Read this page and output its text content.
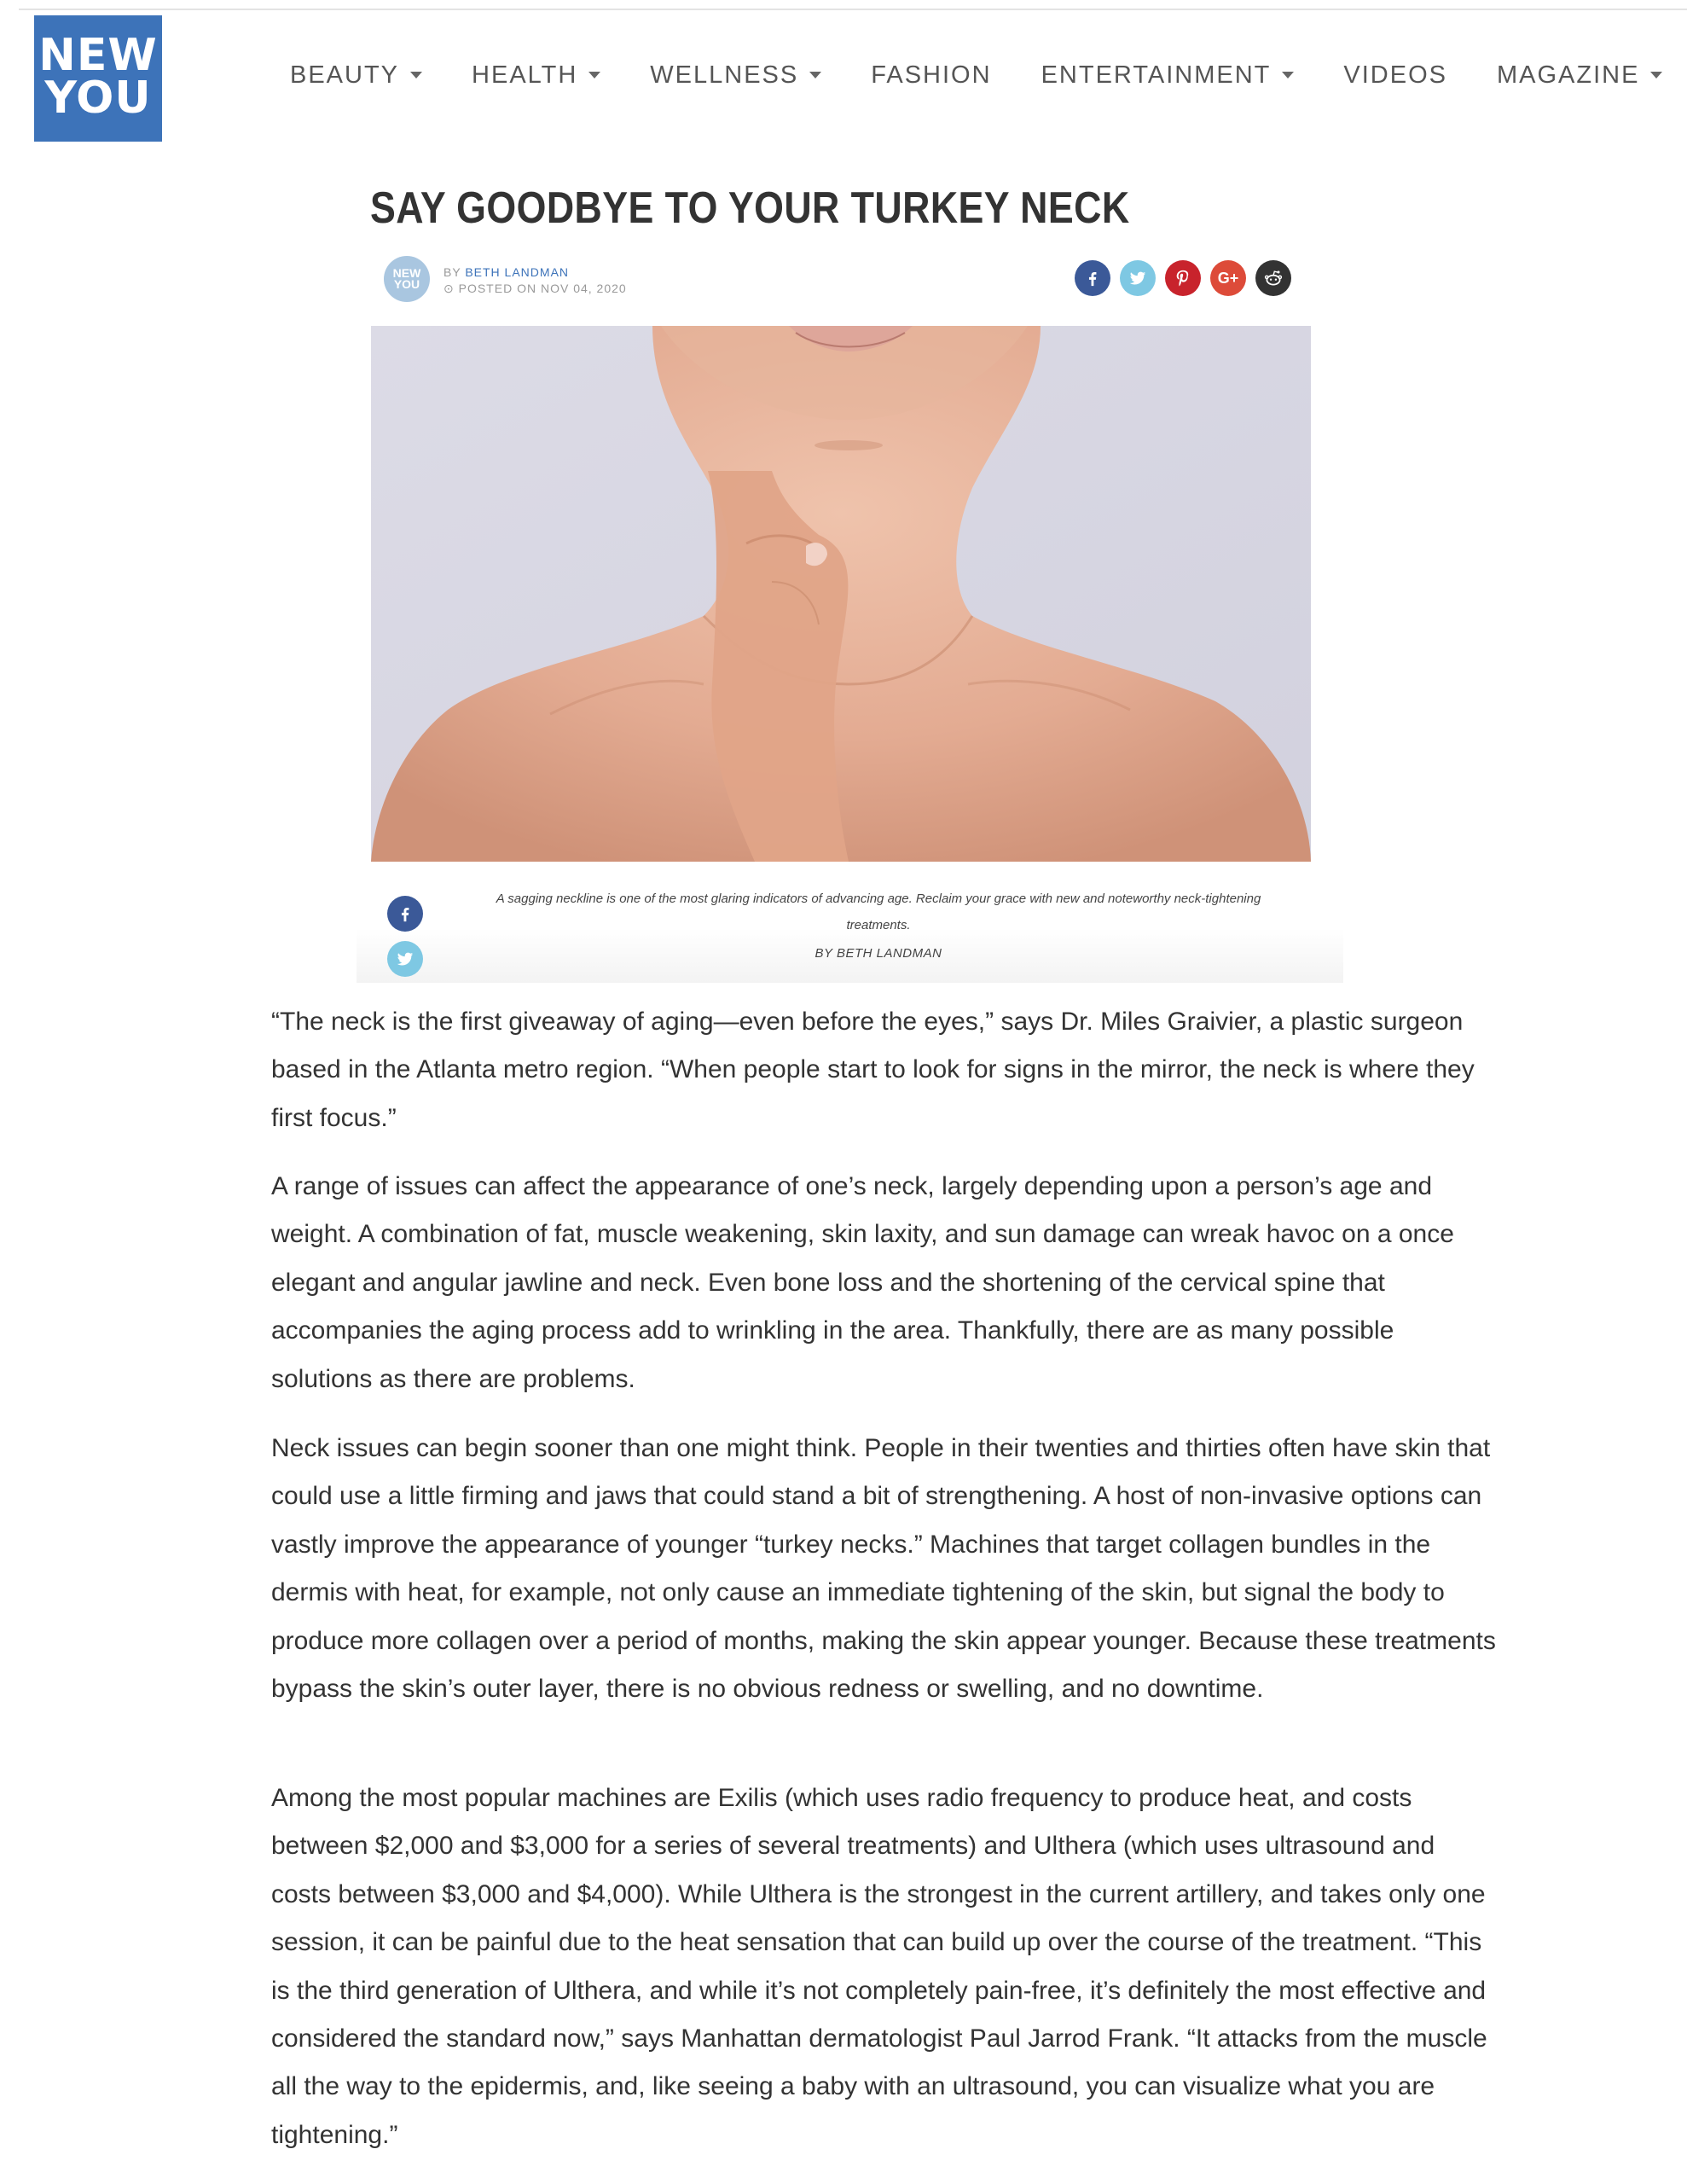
NEW
YOU	BEAUTY	HEALTH	WELLNESS	FASHION ENTERTAINMENT	VIDEOS MAGAZINE
SAY GOODBYE TO YOUR TURKEY NECK
NEW
YOU
BY BETH LANDMAN
⊙ POSTED ON NOV 04, 2020
G+

A sagging neckline is one of the most glaring indicators of advancing age. Reclaim your grace with new and noteworthy neck-tightening treatments.

BY BETH LANDMAN

“The neck is the first giveaway of aging—even before the eyes,” says Dr. Miles Graivier, a plastic surgeon based in the Atlanta metro region. “When people start to look for signs in the mirror, the neck is where they first focus.”

A range of issues can affect the appearance of one’s neck, largely depending upon a person’s age and weight. A combination of fat, muscle weakening, skin laxity, and sun damage can wreak havoc on a once elegant and angular jawline and neck. Even bone loss and the shortening of the cervical spine that accompanies the aging process add to wrinkling in the area. Thankfully, there are as many possible solutions as there are problems.

Neck issues can begin sooner than one might think. People in their twenties and thirties often have skin that could use a little firming and jaws that could stand a bit of strengthening. A host of non-invasive options can vastly improve the appearance of younger “turkey necks.” Machines that target collagen bundles in the dermis with heat, for example, not only cause an immediate tightening of the skin, but signal the body to produce more collagen over a period of months, making the skin appear younger. Because these treatments bypass the skin’s outer layer, there is no obvious redness or swelling, and no downtime.

Among the most popular machines are Exilis (which uses radio frequency to produce heat, and costs between $2,000 and $3,000 for a series of several treatments) and Ulthera (which uses ultrasound and costs between $3,000 and $4,000). While Ulthera is the strongest in the current artillery, and takes only one session, it can be painful due to the heat sensation that can build up over the course of the treatment. “This is the third generation of Ulthera, and while it’s not completely pain-free, it’s definitely the most effective and considered the standard now,” says Manhattan dermatologist Paul Jarrod Frank. “It attacks from the muscle all the way to the epidermis, and, like seeing a baby with an ultrasound, you can visualize what you are tightening.”
